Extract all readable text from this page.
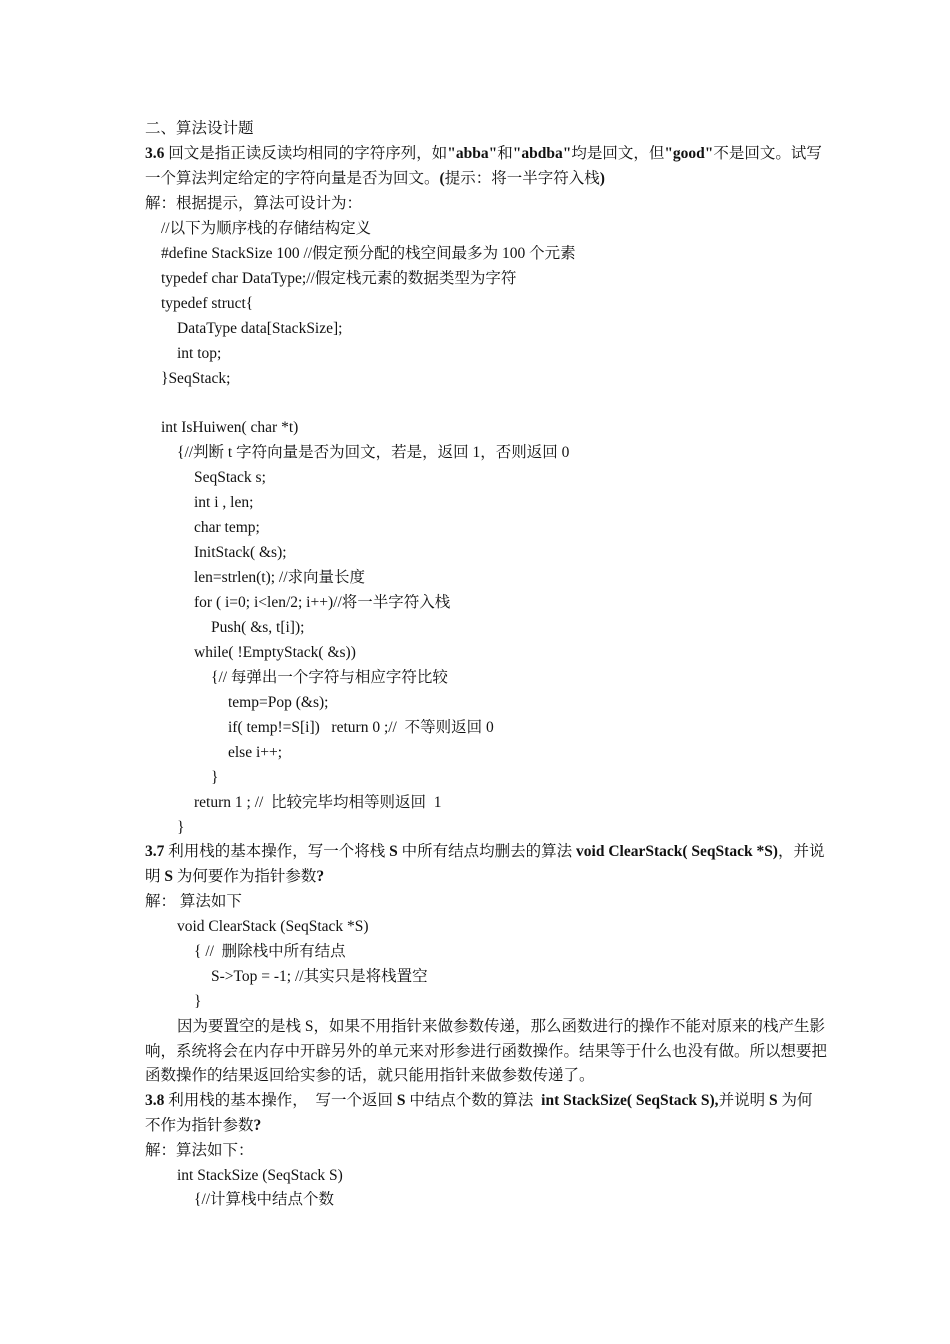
二、算法设计题
3.6 回文是指正读反读均相同的字符序列，如"abba"和"abdba"均是回文，但"good"不是回文。试写
一个算法判定给定的字符向量是否为回文。(提示：将一半字符入栈)
解：根据提示，算法可设计为：
//以下为顺序栈的存储结构定义
#define StackSize 100 //假定预分配的栈空间最多为 100 个元素
typedef char DataType;//假定栈元素的数据类型为字符
typedef struct{
DataType data[StackSize];
int top;
}SeqStack;
int IsHuiwen( char *t)
{//判断 t 字符向量是否为回文，若是，返回 1，否则返回 0
SeqStack s;
int i , len;
char temp;
InitStack( &s);
len=strlen(t); //求向量长度
for ( i=0; i<len/2; i++)//将一半字符入栈
Push( &s, t[i]);
while( !EmptyStack( &s))
{// 每弹出一个字符与相应字符比较
temp=Pop (&s);
if( temp!=S[i])   return 0 ;//  不等则返回 0
else i++;
}
return 1 ; //  比较完毕均相等则返回  1
}
3.7 利用栈的基本操作，写一个将栈 S 中所有结点均删去的算法 void ClearStack( SeqStack *S)，并说
明 S 为何要作为指针参数?
解： 算法如下
void ClearStack (SeqStack *S)
{ //  删除栈中所有结点
S->Top = -1; //其实只是将栈置空
}
因为要置空的是栈 S，如果不用指针来做参数传递，那么函数进行的操作不能对原来的栈产生影
响，系统将会在内存中开辟另外的单元来对形参进行函数操作。结果等于什么也没有做。所以想要把
函数操作的结果返回给实参的话，就只能用指针来做参数传递了。
3.8 利用栈的基本操作，  写一个返回 S 中结点个数的算法  int StackSize( SeqStack S),并说明 S 为何
不作为指针参数?
解：算法如下：
int StackSize (SeqStack S)
{//计算栈中结点个数
